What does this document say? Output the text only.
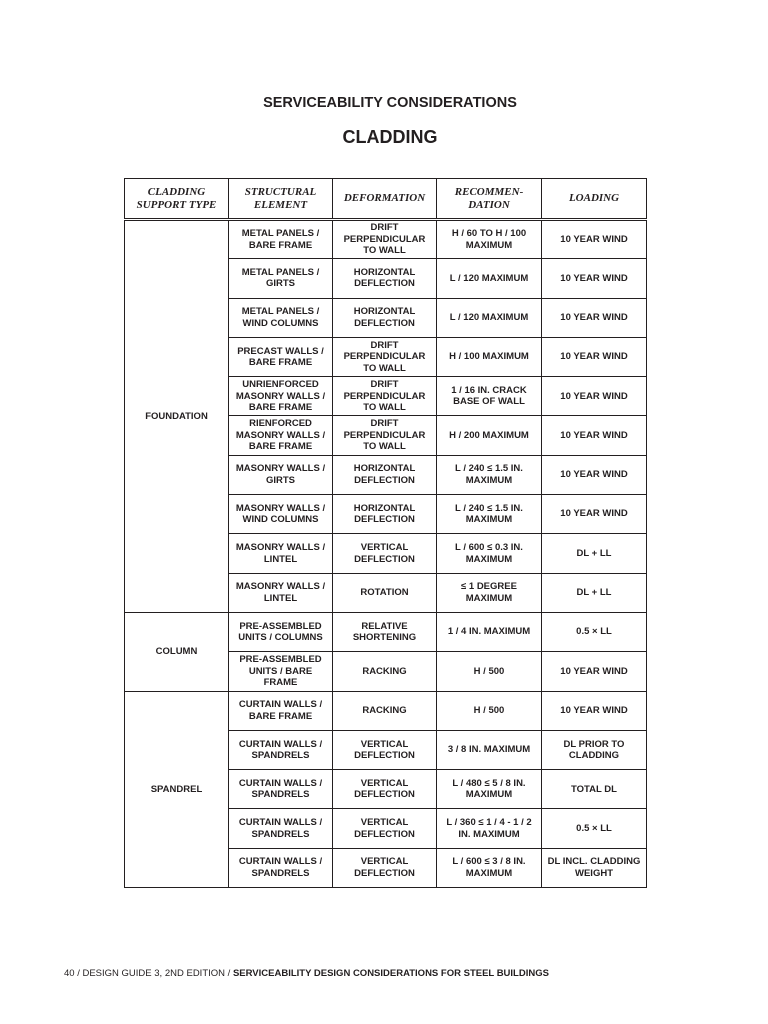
SERVICEABILITY CONSIDERATIONS
CLADDING
CLADDING SUPPORT TYPE	STRUCTURAL ELEMENT	DEFORMATION	RECOMMEN-DATION	LOADING
FOUNDATION	METAL PANELS / BARE FRAME	DRIFT PERPENDICULAR TO WALL	H / 60 TO H / 100 MAXIMUM	10 YEAR WIND
	METAL PANELS / GIRTS	HORIZONTAL DEFLECTION	L / 120 MAXIMUM	10 YEAR WIND
	METAL PANELS / WIND COLUMNS	HORIZONTAL DEFLECTION	L / 120 MAXIMUM	10 YEAR WIND
	PRECAST WALLS / BARE FRAME	DRIFT PERPENDICULAR TO WALL	H / 100 MAXIMUM	10 YEAR WIND
	UNRIENFORCED MASONRY WALLS / BARE FRAME	DRIFT PERPENDICULAR TO WALL	1 / 16 IN. CRACK BASE OF WALL	10 YEAR WIND
	RIENFORCED MASONRY WALLS / BARE FRAME	DRIFT PERPENDICULAR TO WALL	H / 200 MAXIMUM	10 YEAR WIND
	MASONRY WALLS / GIRTS	HORIZONTAL DEFLECTION	L / 240 ≤ 1.5 IN. MAXIMUM	10 YEAR WIND
	MASONRY WALLS / WIND COLUMNS	HORIZONTAL DEFLECTION	L / 240 ≤ 1.5 IN. MAXIMUM	10 YEAR WIND
	MASONRY WALLS / LINTEL	VERTICAL DEFLECTION	L / 600 ≤ 0.3 IN. MAXIMUM	DL + LL
	MASONRY WALLS / LINTEL	ROTATION	≤ 1 DEGREE MAXIMUM	DL + LL
COLUMN	PRE-ASSEMBLED UNITS / COLUMNS	RELATIVE SHORTENING	1 / 4 IN. MAXIMUM	0.5 × LL
	PRE-ASSEMBLED UNITS / BARE FRAME	RACKING	H / 500	10 YEAR WIND
SPANDREL	CURTAIN WALLS / BARE FRAME	RACKING	H / 500	10 YEAR WIND
	CURTAIN WALLS / SPANDRELS	VERTICAL DEFLECTION	3 / 8 IN. MAXIMUM	DL PRIOR TO CLADDING
	CURTAIN WALLS / SPANDRELS	VERTICAL DEFLECTION	L / 480 ≤ 5 / 8 IN. MAXIMUM	TOTAL DL
	CURTAIN WALLS / SPANDRELS	VERTICAL DEFLECTION	L / 360 ≤ 1 / 4 - 1 / 2 IN. MAXIMUM	0.5 × LL
	CURTAIN WALLS / SPANDRELS	VERTICAL DEFLECTION	L / 600 ≤ 3 / 8 IN. MAXIMUM	DL INCL. CLADDING WEIGHT
40 / DESIGN GUIDE 3, 2ND EDITION / SERVICEABILITY DESIGN CONSIDERATIONS FOR STEEL BUILDINGS
